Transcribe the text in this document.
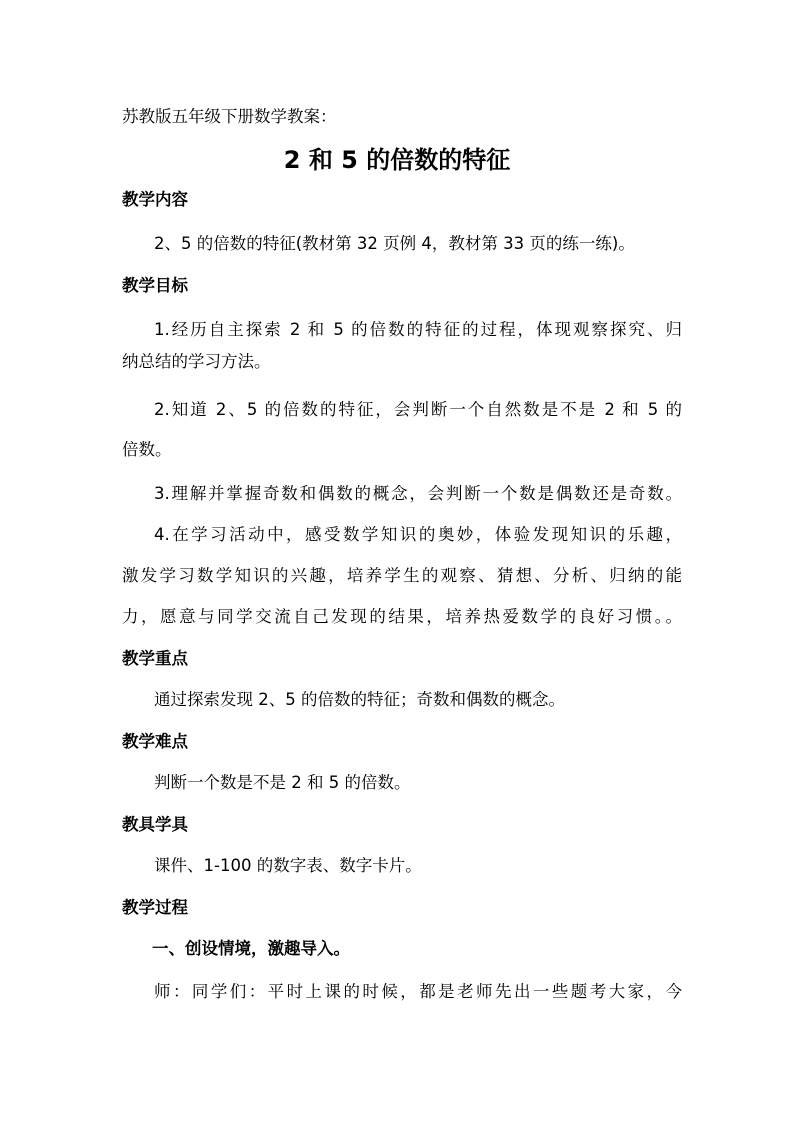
苏教版五年级下册数学教案：
2 和 5 的倍数的特征
教学内容
2、5 的倍数的特征(教材第 32 页例 4，教材第 33 页的练一练)。
教学目标
1.经历自主探索 2 和 5 的倍数的特征的过程，体现观察探究、归
纳总结的学习方法。
2.知道 2、5 的倍数的特征，会判断一个自然数是不是 2 和 5 的
倍数。
3.理解并掌握奇数和偶数的概念，会判断一个数是偶数还是奇数。
4.在学习活动中，感受数学知识的奥妙，体验发现知识的乐趣，
激发学习数学知识的兴趣，培养学生的观察、猜想、分析、归纳的能
力，愿意与同学交流自己发现的结果，培养热爱数学的良好习惯。。
教学重点
通过探索发现 2、5 的倍数的特征；奇数和偶数的概念。
教学难点
判断一个数是不是 2 和 5 的倍数。
教具学具
课件、1-100 的数字表、数字卡片。
教学过程
一、创设情境，激趣导入。
师：同学们：平时上课的时候，都是老师先出一些题考大家，今
